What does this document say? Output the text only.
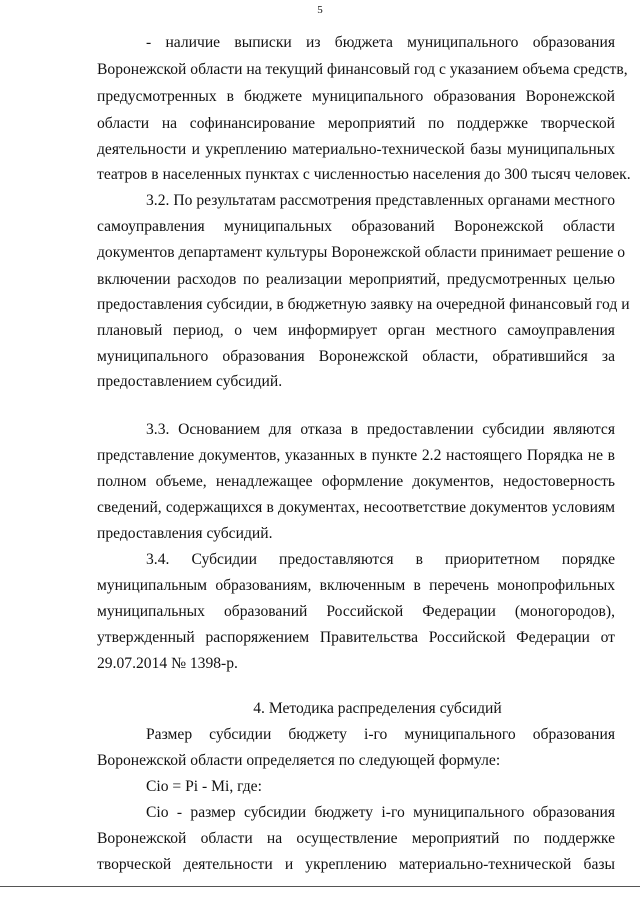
5
- наличие выписки из бюджета муниципального образования
Воронежской области на текущий финансовый год с указанием объема средств,
предусмотренных в бюджете муниципального образования Воронежской
области на софинансирование мероприятий по поддержке творческой
деятельности и укреплению материально-технической базы муниципальных
театров в населенных пунктах с численностью населения до 300 тысяч человек.
3.2. По результатам рассмотрения представленных органами местного
самоуправления муниципальных образований Воронежской области
документов департамент культуры Воронежской области принимает решение о
включении расходов по реализации мероприятий, предусмотренных целью
предоставления субсидии, в бюджетную заявку на очередной финансовый год и
плановый период, о чем информирует орган местного самоуправления
муниципального образования Воронежской области, обратившийся за
предоставлением субсидий.
3.3. Основанием для отказа в предоставлении субсидии являются
представление документов, указанных в пункте 2.2 настоящего Порядка не в
полном объеме, ненадлежащее оформление документов, недостоверность
сведений, содержащихся в документах, несоответствие документов условиям
предоставления субсидий.
3.4. Субсидии предоставляются в приоритетном порядке
муниципальным образованиям, включенным в перечень монопрофильных
муниципальных образований Российской Федерации (моногородов),
утвержденный распоряжением Правительства Российской Федерации от
29.07.2014 № 1398-р.
4. Методика распределения субсидий
Размер субсидии бюджету i-го муниципального образования
Воронежской области определяется по следующей формуле:
Сio = Pi - Mi, где:
Сio - размер субсидии бюджету i-го муниципального образования
Воронежской области на осуществление мероприятий по поддержке
творческой деятельности и укреплению материально-технической базы
